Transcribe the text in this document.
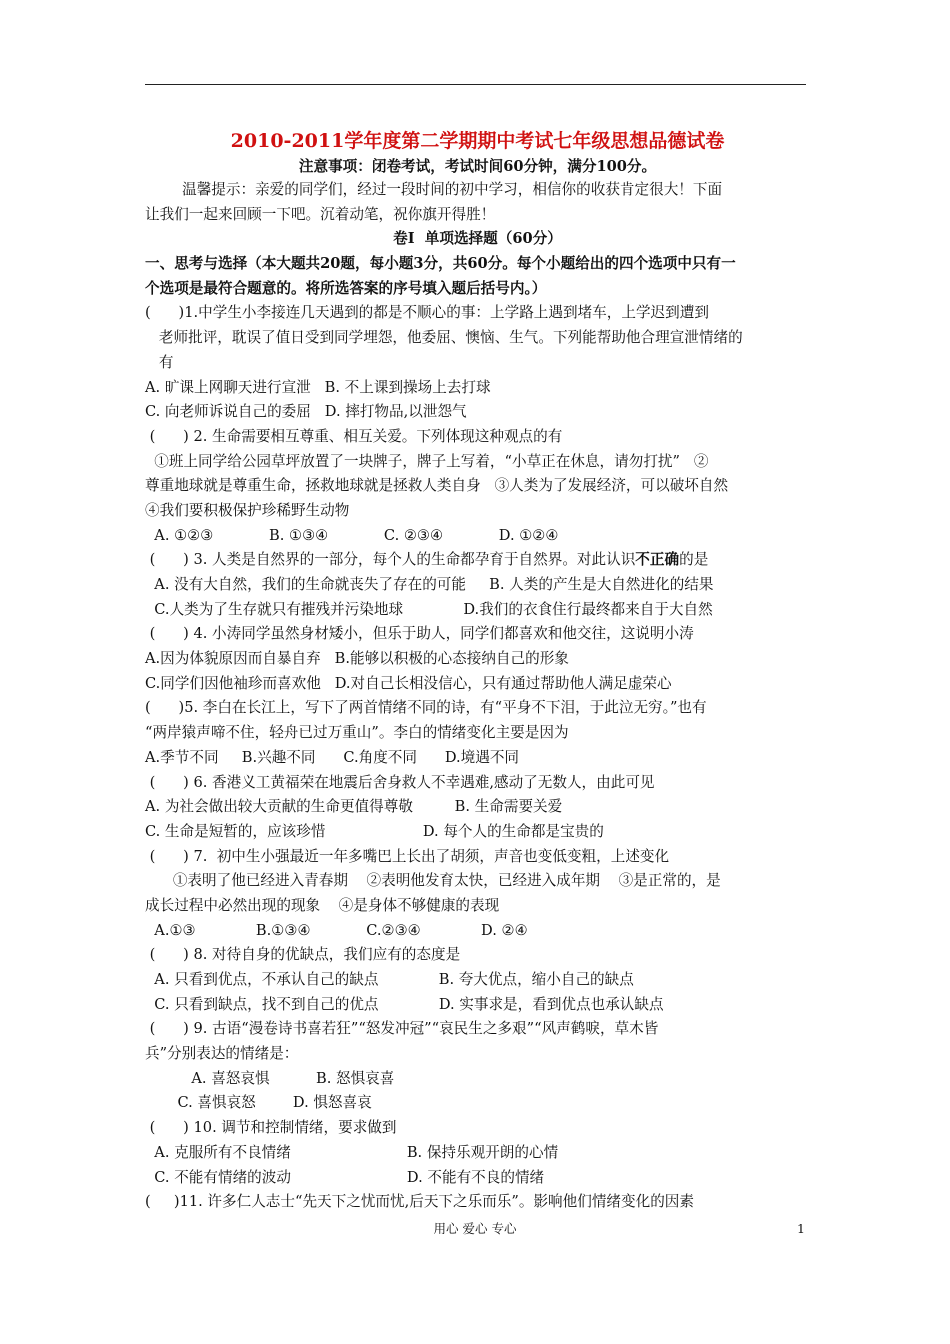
2010-2011学年度第二学期期中考试七年级思想品德试卷
注意事项：闭卷考试，考试时间60分钟，满分100分。
温馨提示：亲爱的同学们，经过一段时间的初中学习，相信你的收获肯定很大！下面
让我们一起来回顾一下吧。沉着动笔，祝你旗开得胜！
卷Ⅰ  单项选择题（60分）
一、思考与选择（本大题共20题，每小题3分，共60分。每个小题给出的四个选项中只有一
个选项是最符合题意的。将所选答案的序号填入题后括号内。）
(      )1.中学生小李接连几天遇到的都是不顺心的事：上学路上遇到堵车，上学迟到遭到
老师批评，耽误了值日受到同学埋怨，他委屈、懊恼、生气。下列能帮助他合理宣泄情绪的
有
A. 旷课上网聊天进行宣泄   B. 不上课到操场上去打球
C. 向老师诉说自己的委屈   D. 摔打物品,以泄怨气
(      ) 2. 生命需要相互尊重、相互关爱。下列体现这种观点的有
①班上同学给公园草坪放置了一块牌子，牌子上写着，“小草正在休息，请勿打扰”   ②
尊重地球就是尊重生命，拯救地球就是拯救人类自身   ③人类为了发展经济，可以破坏自然
④我们要积极保护珍稀野生动物
A. ①②③            B. ①③④            C. ②③④            D. ①②④
(      ) 3. 人类是自然界的一部分，每个人的生命都孕育于自然界。对此认识不正确的是
A. 没有大自然，我们的生命就丧失了存在的可能     B. 人类的产生是大自然进化的结果
C.人类为了生存就只有摧残并污染地球             D.我们的衣食住行最终都来自于大自然
(      ) 4. 小涛同学虽然身材矮小，但乐于助人，同学们都喜欢和他交往，这说明小涛
A.因为体貌原因而自暴自弃   B.能够以积极的心态接纳自己的形象
C.同学们因他袖珍而喜欢他   D.对自己长相没信心，只有通过帮助他人满足虚荣心
(      )5. 李白在长江上，写下了两首情绪不同的诗，有“平身不下泪，于此泣无穷。”也有
“两岸猿声啼不住，轻舟已过万重山”。李白的情绪变化主要是因为
A.季节不同     B.兴趣不同      C.角度不同      D.境遇不同
(      ) 6. 香港义工黄福荣在地震后舍身救人不幸遇难,感动了无数人，由此可见
A. 为社会做出较大贡献的生命更值得尊敬         B. 生命需要关爱
C. 生命是短暂的，应该珍惜                     D. 每个人的生命都是宝贵的
(      ) 7.  初中生小强最近一年多嘴巴上长出了胡须，声音也变低变粗，上述变化
①表明了他已经进入青春期    ②表明他发育太快，已经进入成年期    ③是正常的，是
成长过程中必然出现的现象    ④是身体不够健康的表现
A.①③             B.①③④            C.②③④             D. ②④
(      ) 8. 对待自身的优缺点，我们应有的态度是
A. 只看到优点，不承认自己的缺点             B. 夸大优点，缩小自己的缺点
C. 只看到缺点，找不到自己的优点             D. 实事求是，看到优点也承认缺点
(      ) 9. 古语“漫卷诗书喜若狂”“怒发冲冠”“哀民生之多艰”“风声鹤唳，草木皆
兵”分别表达的情绪是：
A. 喜怒哀惧          B. 怒惧哀喜
C. 喜惧哀怒        D. 惧怒喜哀
(      ) 10. 调节和控制情绪，要求做到
A. 克服所有不良情绪                         B. 保持乐观开朗的心情
C. 不能有情绪的波动                         D. 不能有不良的情绪
(     )11. 许多仁人志士“先天下之忧而忧,后天下之乐而乐”。影响他们情绪变化的因素
用心 爱心 专心	1
